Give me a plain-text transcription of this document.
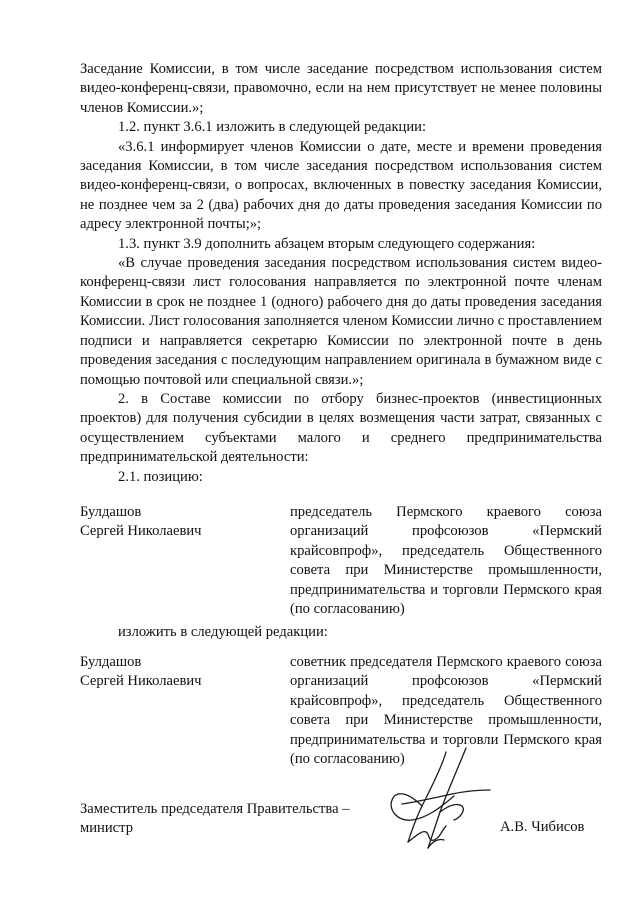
Заседание Комиссии, в том числе заседание посредством использования систем видео-конференц-связи, правомочно, если на нем присутствует не менее половины членов Комиссии.»;

1.2. пункт 3.6.1 изложить в следующей редакции:

«3.6.1 информирует членов Комиссии о дате, месте и времени проведения заседания Комиссии, в том числе заседания посредством использования систем видео-конференц-связи, о вопросах, включенных в повестку заседания Комиссии, не позднее чем за 2 (два) рабочих дня до даты проведения заседания Комиссии по адресу электронной почты;»;

1.3. пункт 3.9 дополнить абзацем вторым следующего содержания:

«В случае проведения заседания посредством использования систем видео-конференц-связи лист голосования направляется по электронной почте членам Комиссии в срок не позднее 1 (одного) рабочего дня до даты проведения заседания Комиссии. Лист голосования заполняется членом Комиссии лично с проставлением подписи и направляется секретарю Комиссии по электронной почте в день проведения заседания с последующим направлением оригинала в бумажном виде с помощью почтовой или специальной связи.»;

2. в Составе комиссии по отбору бизнес-проектов (инвестиционных проектов) для получения субсидии в целях возмещения части затрат, связанных с осуществлением субъектами малого и среднего предпринимательства предпринимательской деятельности:

2.1. позицию:

Булдашов
Сергей Николаевич
председатель Пермского краевого союза организаций профсоюзов «Пермский крайсовпроф», председатель Общественного совета при Министерстве промышленности, предпринимательства и торговли Пермского края (по согласованию)
изложить в следующей редакции:
Булдашов
Сергей Николаевич
советник председателя Пермского краевого союза организаций профсоюзов «Пермский крайсовпроф», председатель Общественного совета при Министерстве промышленности, предпринимательства и торговли Пермского края (по согласованию)
Заместитель председателя Правительства –
министр	А.В. Чибисов
